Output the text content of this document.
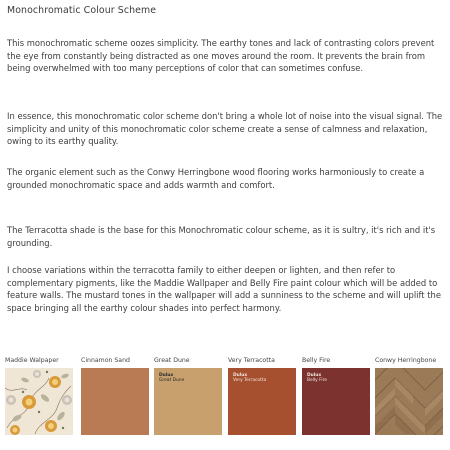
Monochromatic Colour Scheme
This monochromatic scheme oozes simplicity. The earthy tones and lack of contrasting colors prevent the eye from constantly being distracted as one moves around the room. It prevents the brain from being overwhelmed with too many perceptions of color that can sometimes confuse.
In essence, this monochromatic color scheme don't bring a whole lot of noise into the visual signal. The simplicity and unity of this monochromatic color scheme create a sense of calmness and relaxation, owing to its earthy quality.
The organic element such as the Conwy Herringbone wood flooring works harmoniously to create a grounded monochromatic space and adds warmth and comfort.
The Terracotta shade is the base for this Monochromatic colour scheme, as it is sultry, it's rich and it's grounding.
I choose variations within the terracotta family to either deepen or lighten, and then refer to complementary pigments, like the Maddie Wallpaper and Belly Fire paint colour which will be added to feature walls. The mustard tones in the wallpaper will add a sunniness to the scheme and will uplift the space bringing all the earthy colour shades into perfect harmony.
Maddie Walpaper	Cinnamon Sand	Great Dune
Dulux
Great Dune
Very Terracotta
Dulux
Very Terracotta
Belly Fire
Dulux
Belly Fire
Conwy Herringbone
